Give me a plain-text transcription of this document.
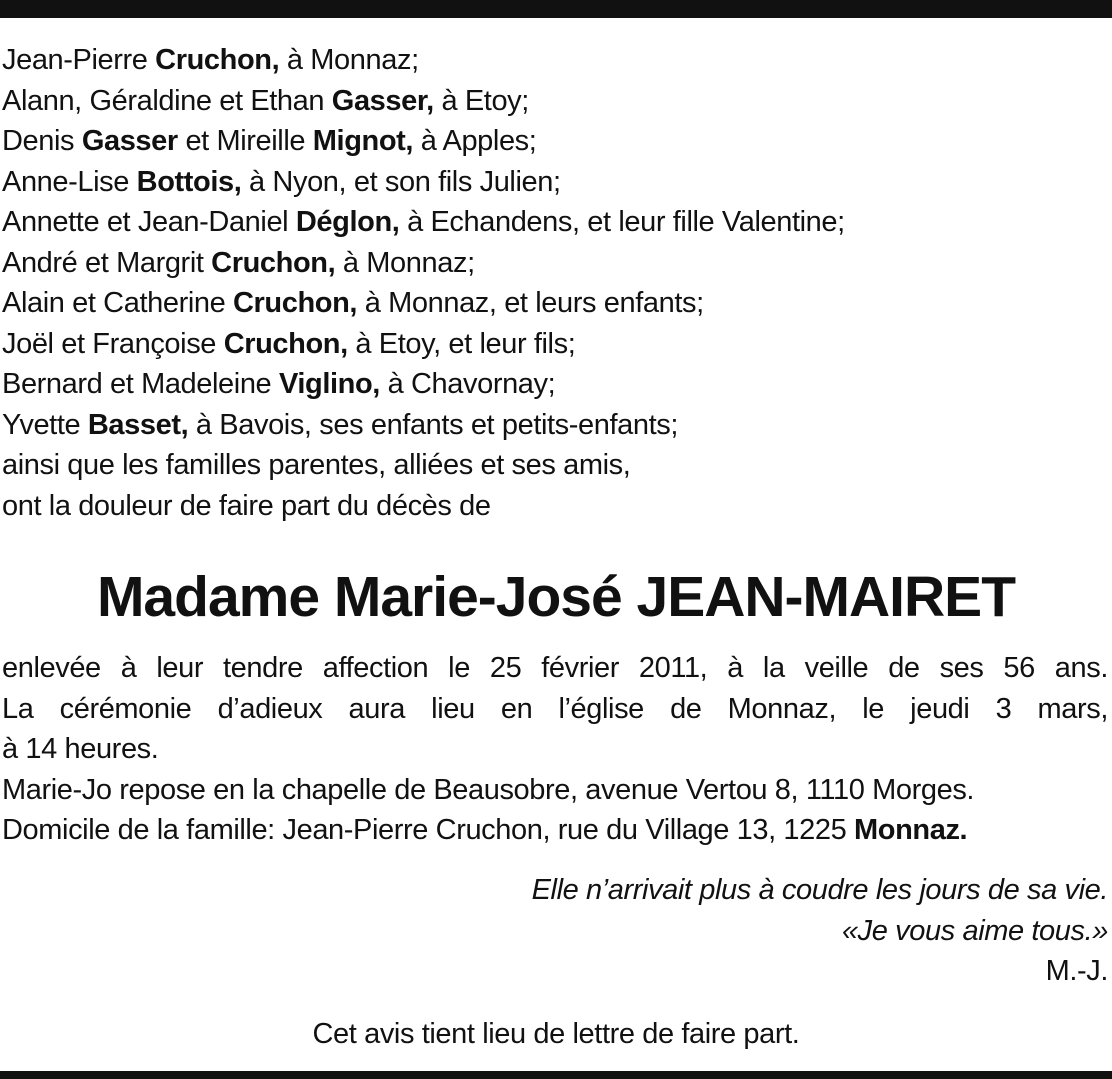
Jean-Pierre Cruchon, à Monnaz;
Alann, Géraldine et Ethan Gasser, à Etoy;
Denis Gasser et Mireille Mignot, à Apples;
Anne-Lise Bottois, à Nyon, et son fils Julien;
Annette et Jean-Daniel Déglon, à Echandens, et leur fille Valentine;
André et Margrit Cruchon, à Monnaz;
Alain et Catherine Cruchon, à Monnaz, et leurs enfants;
Joël et Françoise Cruchon, à Etoy, et leur fils;
Bernard et Madeleine Viglino, à Chavornay;
Yvette Basset, à Bavois, ses enfants et petits-enfants;
ainsi que les familles parentes, alliées et ses amis,
ont la douleur de faire part du décès de
Madame Marie-José JEAN-MAIRET
enlevée à leur tendre affection le 25 février 2011, à la veille de ses 56 ans.
La cérémonie d’adieux aura lieu en l’église de Monnaz, le jeudi 3 mars,
à 14 heures.
Marie-Jo repose en la chapelle de Beausobre, avenue Vertou 8, 1110 Morges.
Domicile de la famille: Jean-Pierre Cruchon, rue du Village 13, 1225 Monnaz.
Elle n’arrivait plus à coudre les jours de sa vie.
«Je vous aime tous.»
M.-J.
Cet avis tient lieu de lettre de faire part.
